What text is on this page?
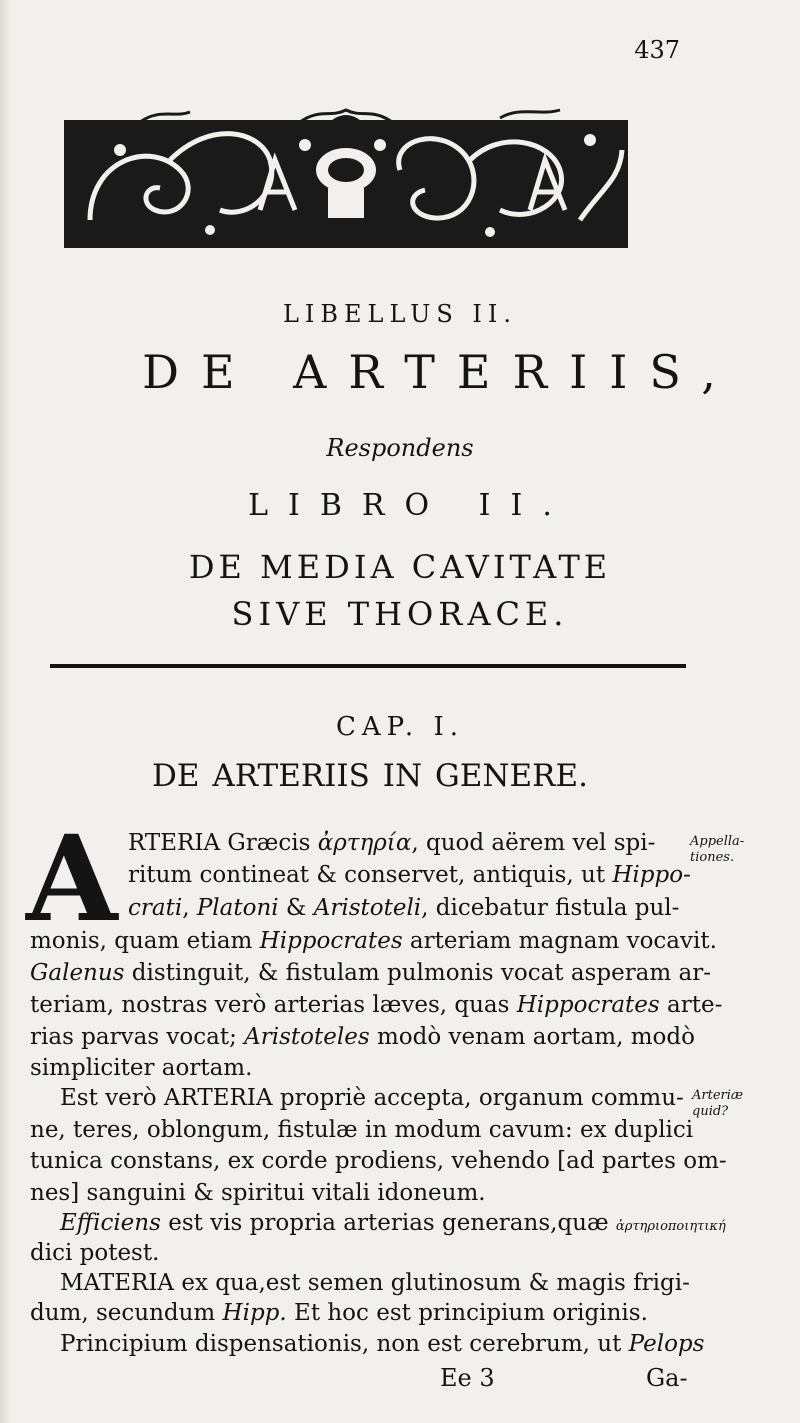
437
LIBELLUS II.
DE ARTERIIS,
Respondens
LIBRO II.
DE MEDIA CAVITATE
SIVE THORACE.
CAP. I.
DE ARTERIIS IN GENERE.
A RTERIA Græcis ἀρτηρία, quod aërem vel spi-
ritum contineat & conservet, antiquis, ut Hippo-
crati, Platoni & Aristoteli, dicebatur fistula pul-
monis, quam etiam Hippocrates arteriam magnam vocavit.
Galenus distinguit, & fistulam pulmonis vocat asperam ar-
teriam, nostras verò arterias læves, quas Hippocrates arte-
rias parvas vocat; Aristoteles modò venam aortam, modò
simpliciter aortam.
Est verò ARTERIA propriè accepta, organum commu-
ne, teres, oblongum, fistulæ in modum cavum: ex duplici
tunica constans, ex corde prodiens, vehendo [ad partes om-
nes] sanguini & spiritui vitali idoneum.
Efficiens est vis propria arterias generans,quæ ἀρτηριοποιητική
dici potest.
MATERIA ex qua,est semen glutinosum & magis frigi-
dum, secundum Hipp. Et hoc est principium originis.
Principium dispensationis, non est cerebrum, ut Pelops
Appella-
tiones.
Arteriæ
quid?
Ee 3	Ga-
